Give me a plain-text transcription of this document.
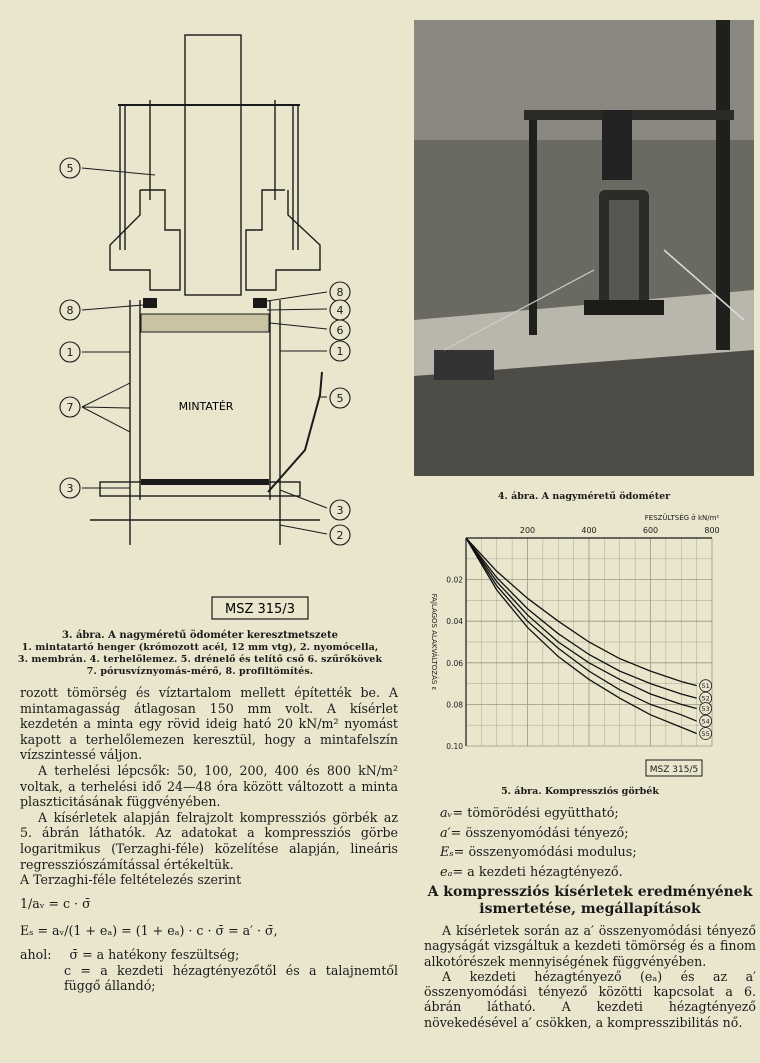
5
8
1
7
3
8
4
6
1
5
3
2
MINTATÉR
MSZ 315/3
3. ábra. A nagyméretű ödométer keresztmetszete
1. mintatartó henger (krómozott acél, 12 mm vtg), 2. nyomócella,
3. membrán. 4. terhelőlemez. 5. drénelő és telítő cső 6. szűrőkövek
7. pórusvíznyomás-mérő, 8. profiltömítés.

rozott tömörség és víztartalom mellett építették be. A mintamagasság átlagosan 150 mm volt. A kísérlet kezdetén a minta egy rövid ideig ható 20 kN/m² nyomást kapott a terhelőlemezen keresztül, hogy a mintafelszín vízszintessé váljon.

A terhelési lépcsők: 50, 100, 200, 400 és 800 kN/m² voltak, a terhelési idő 24—48 óra között változott a minta plaszticitásának függvényében.

A kísérletek alapján felrajzolt kompressziós görbék az 5. ábrán láthatók. Az adatokat a kompressziós görbe logaritmikus (Terzaghi-féle) közelítése alapján, lineáris regressziószámítással értékeltük.

A Terzaghi-féle feltételezés szerint

1/aᵥ = c · σ̄

Eₛ = aᵥ/(1 + eₐ) = (1 + eₐ) · c · σ̄ = a′ · σ̄,

ahol: σ̄ = a hatékony feszültség;

c = a kezdeti hézagtényezőtől és a talajnemtől függő állandó;

4. ábra. A nagyméretű ödométer
200	400	600	800
0.02
0.04
0.06
0.08
0.10
FESZÜLTSÉG σ̄ kN/m²
FAJLAGOS ALAKVÁLTOZÁS ε	51
52
53
54
55
MSZ 315/5
5. ábra. Kompressziós görbék
aᵥ= tömörödési együttható;
a′= összenyomódási tényező;
Eₛ= összenyomódási modulus;
eₐ= a kezdeti hézagtényező.
A kompressziós kísérletek eredményének ismertetése, megállapítások

A kísérletek során az a′ összenyomódási tényező nagyságát vizsgáltuk a kezdeti tömörség és a finom alkotórészek mennyiségének függvényében.

A kezdeti hézagtényező (eₐ) és az a′ összenyomódási tényező közötti kapcsolat a 6. ábrán látható. A kezdeti hézagtényező növekedésével a′ csökken, a kompresszibilitás nő.
